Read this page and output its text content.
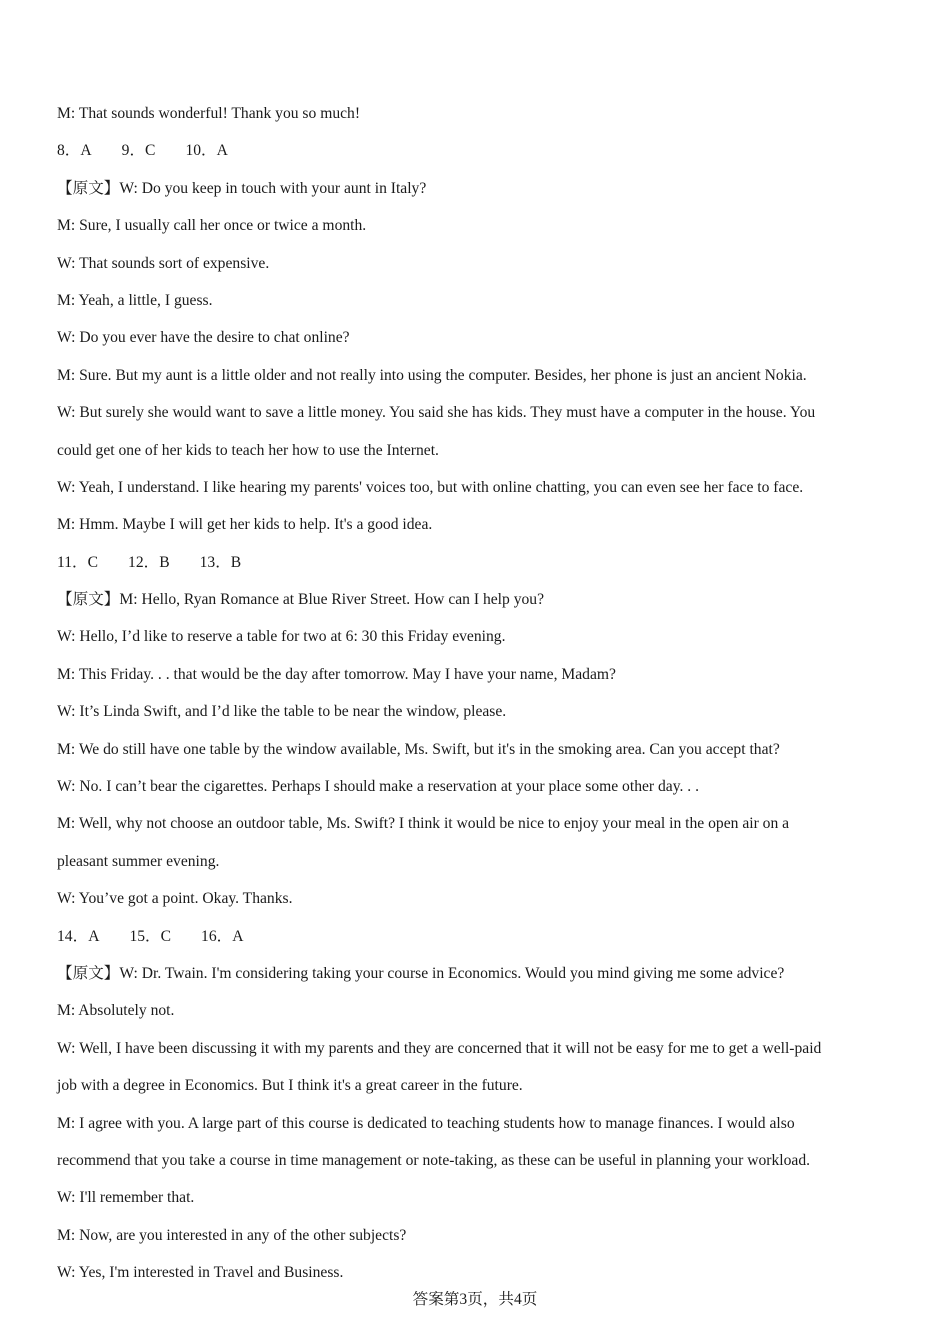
M: That sounds wonderful! Thank you so much!
8．A 9．C 10．A
【原文】W: Do you keep in touch with your aunt in Italy?
M: Sure, I usually call her once or twice a month.
W: That sounds sort of expensive.
M: Yeah, a little, I guess.
W: Do you ever have the desire to chat online?
M: Sure. But my aunt is a little older and not really into using the computer. Besides, her phone is just an ancient Nokia.
W: But surely she would want to save a little money. You said she has kids. They must have a computer in the house. You
could get one of her kids to teach her how to use the Internet.
W: Yeah, I understand. I like hearing my parents' voices too, but with online chatting, you can even see her face to face.
M: Hmm. Maybe I will get her kids to help. It's a good idea.
11．C 12．B 13．B
【原文】M: Hello, Ryan Romance at Blue River Street. How can I help you?
W: Hello, I’d like to reserve a table for two at 6: 30 this Friday evening.
M: This Friday. . . that would be the day after tomorrow. May I have your name, Madam?
W: It’s Linda Swift, and I’d like the table to be near the window, please.
M: We do still have one table by the window available, Ms. Swift, but it's in the smoking area. Can you accept that?
W: No. I can’t bear the cigarettes. Perhaps I should make a reservation at your place some other day. . .
M: Well, why not choose an outdoor table, Ms. Swift? I think it would be nice to enjoy your meal in the open air on a
pleasant summer evening.
W: You’ve got a point. Okay. Thanks.
14．A 15．C 16．A
【原文】W: Dr. Twain. I'm considering taking your course in Economics. Would you mind giving me some advice?
M: Absolutely not.
W: Well, I have been discussing it with my parents and they are concerned that it will not be easy for me to get a well-paid
job with a degree in Economics. But I think it's a great career in the future.
M: I agree with you. A large part of this course is dedicated to teaching students how to manage finances. I would also
recommend that you take a course in time management or note-taking, as these can be useful in planning your workload.
W: I'll remember that.
M: Now, are you interested in any of the other subjects?
W: Yes, I'm interested in Travel and Business.
答案第3页，共4页
